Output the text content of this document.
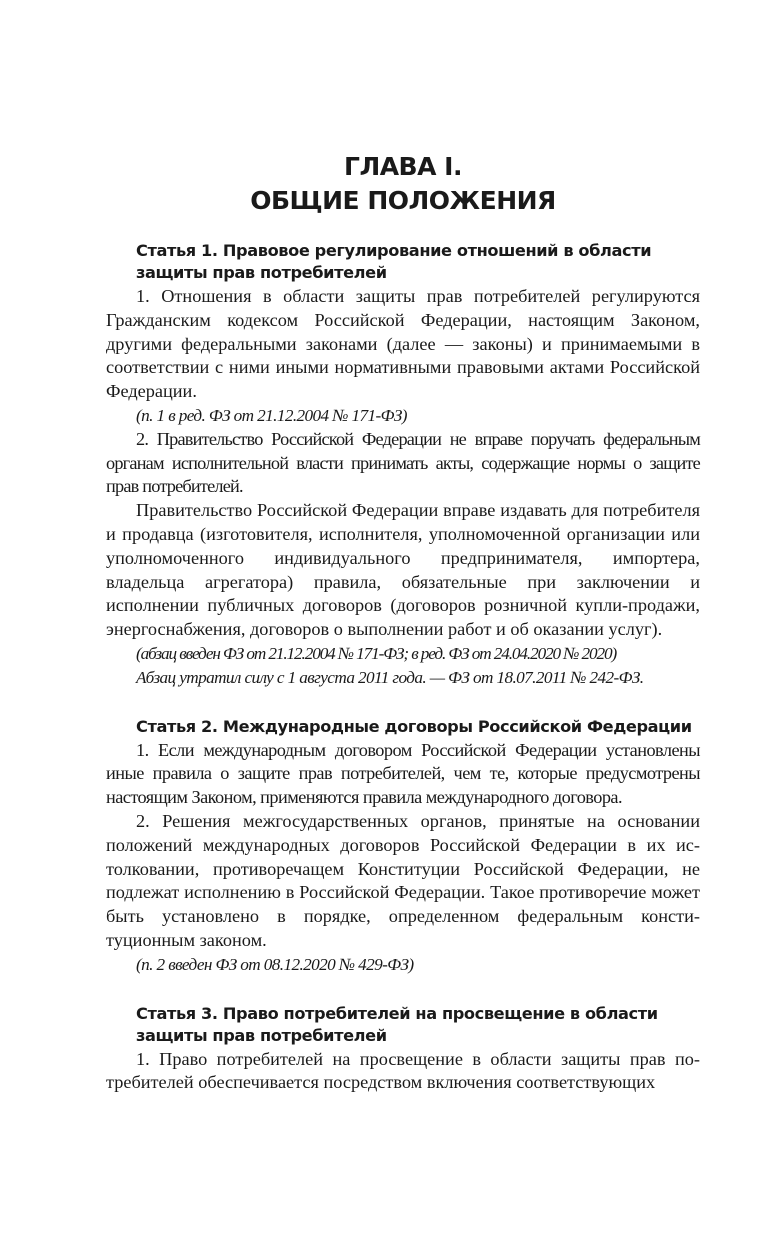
ГЛАВА I.
ОБЩИЕ ПОЛОЖЕНИЯ
Статья 1. Правовое регулирование отношений в области защиты прав потребителей

1. Отношения в области защиты прав потребителей регулируются Гражданским кодексом Российской Федерации, настоящим Законом, другими федеральными законами (далее — законы) и принимаемыми в соответствии с ними иными нормативными правовыми актами Российской Федерации.

(п. 1 в ред. ФЗ от 21.12.2004 № 171-ФЗ)

2. Правительство Российской Федерации не вправе поручать федеральным органам исполнительной власти принимать акты, содержащие нормы о защите прав потребителей.

Правительство Российской Федерации вправе издавать для потребителя и продавца (изготовителя, исполнителя, уполномоченной организации или уполномоченного индивидуального предпринимателя, импортера, владельца агрегатора) правила, обязательные при заключении и исполнении публичных договоров (договоров розничной купли-продажи, энергоснабжения, договоров о выполнении работ и об оказании услуг).

(абзац введен ФЗ от 21.12.2004 № 171-ФЗ; в ред. ФЗ от 24.04.2020 № 2020)

Абзац утратил силу с 1 августа 2011 года. — ФЗ от 18.07.2011 № 242-ФЗ.

Статья 2. Международные договоры Российской Федерации

1. Если международным договором Российской Федерации установлены иные правила о защите прав потребителей, чем те, которые предусмотрены настоящим Законом, применяются правила международного договора.

2. Решения межгосударственных органов, принятые на основании положений международных договоров Российской Федерации в их истолковании, противоречащем Конституции Российской Федерации, не подлежат исполнению в Российской Федерации. Такое противоречие может быть установлено в порядке, определенном федеральным конституционным законом.

(п. 2 введен ФЗ от 08.12.2020 № 429-ФЗ)

Статья 3. Право потребителей на просвещение в области защиты прав потребителей

1. Право потребителей на просвещение в области защиты прав потребителей обеспечивается посредством включения соответствующих
